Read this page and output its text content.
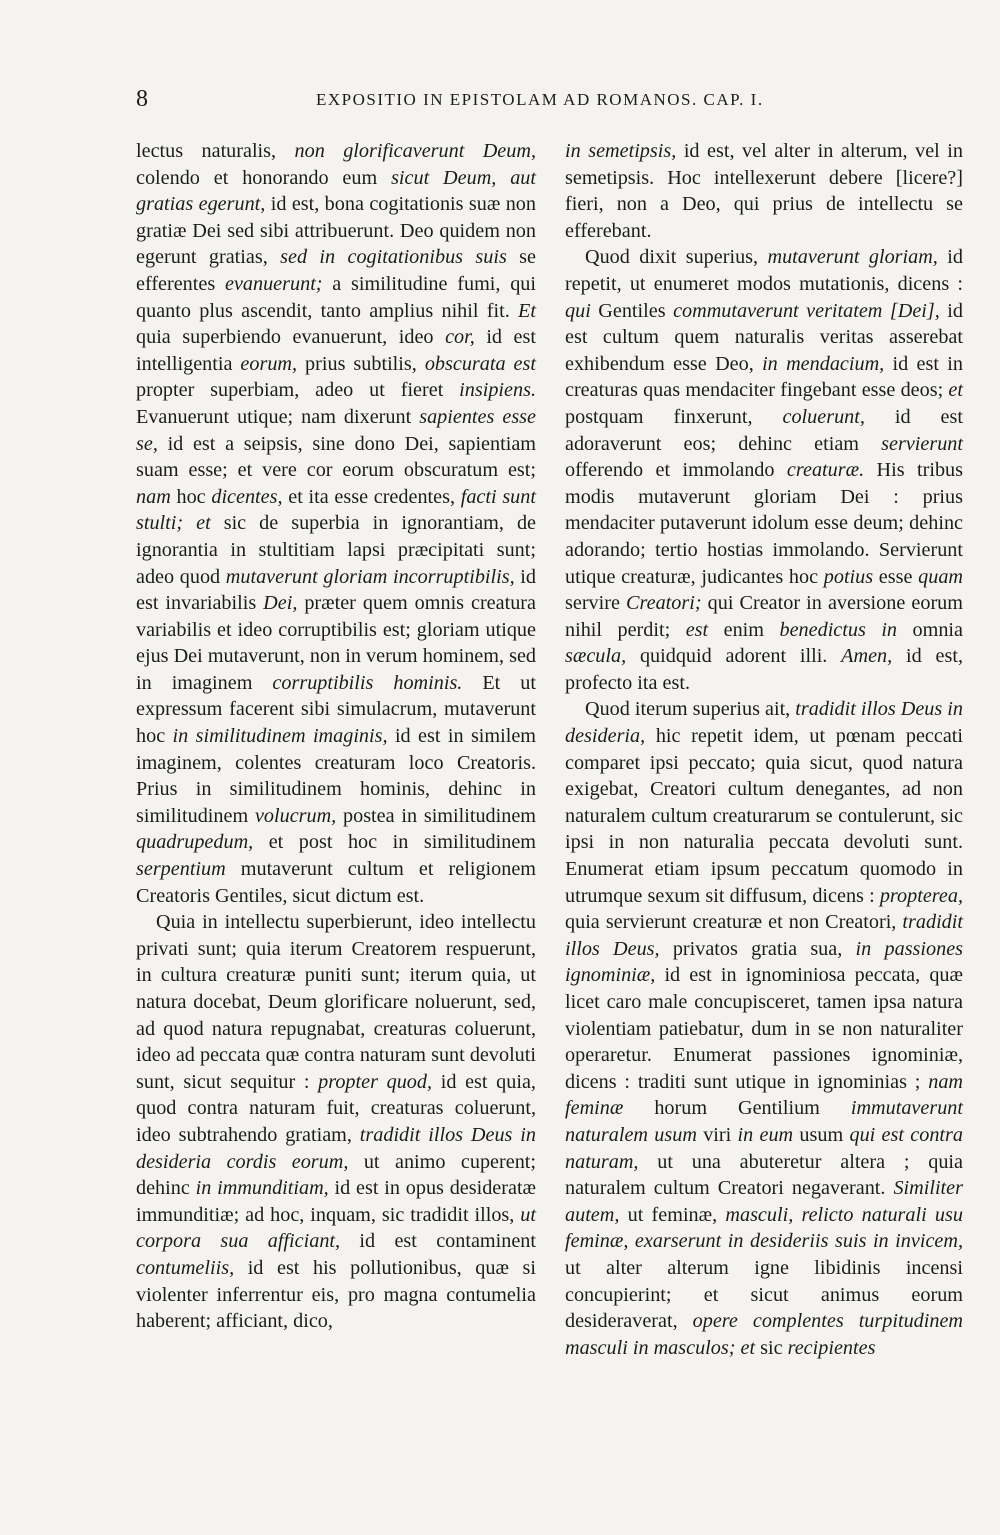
8	EXPOSITIO IN EPISTOLAM AD ROMANOS. CAP. I.

lectus naturalis, non glorificaverunt Deum, colendo et honorando eum sicut Deum, aut gratias egerunt, id est, bona cogitationis suæ non gratiæ Dei sed sibi attribuerunt. Deo quidem non egerunt gratias, sed in cogitationibus suis se efferentes evanuerunt; a similitudine fumi, qui quanto plus ascendit, tanto amplius nihil fit. Et quia superbiendo evanuerunt, ideo cor, id est intelligentia eorum, prius subtilis, obscurata est propter superbiam, adeo ut fieret insipiens. Evanuerunt utique; nam dixerunt sapientes esse se, id est a seipsis, sine dono Dei, sapientiam suam esse; et vere cor eorum obscuratum est; nam hoc dicentes, et ita esse credentes, facti sunt stulti; et sic de superbia in ignorantiam, de ignorantia in stultitiam lapsi præcipitati sunt; adeo quod mutaverunt gloriam incorruptibilis, id est invariabilis Dei, præter quem omnis creatura variabilis et ideo corruptibilis est; gloriam utique ejus Dei mutaverunt, non in verum hominem, sed in imaginem corruptibilis hominis. Et ut expressum facerent sibi simulacrum, mutaverunt hoc in similitudinem imaginis, id est in similem imaginem, colentes creaturam loco Creatoris. Prius in similitudinem hominis, dehinc in similitudinem volucrum, postea in similitudinem quadrupedum, et post hoc in similitudinem serpentium mutaverunt cultum et religionem Creatoris Gentiles, sicut dictum est.

Quia in intellectu superbierunt, ideo intellectu privati sunt; quia iterum Creatorem respuerunt, in cultura creaturæ puniti sunt; iterum quia, ut natura docebat, Deum glorificare noluerunt, sed, ad quod natura repugnabat, creaturas coluerunt, ideo ad peccata quæ contra naturam sunt devoluti sunt, sicut sequitur : propter quod, id est quia, quod contra naturam fuit, creaturas coluerunt, ideo subtrahendo gratiam, tradidit illos Deus in desideria cordis eorum, ut animo cuperent; dehinc in immunditiam, id est in opus desideratæ immunditiæ; ad hoc, inquam, sic tradidit illos, ut corpora sua afficiant, id est contaminent contumeliis, id est his pollutionibus, quæ si violenter inferrentur eis, pro magna contumelia haberent; afficiant, dico,

in semetipsis, id est, vel alter in alterum, vel in semetipsis. Hoc intellexerunt debere [licere?] fieri, non a Deo, qui prius de intellectu se efferebant.

Quod dixit superius, mutaverunt gloriam, id repetit, ut enumeret modos mutationis, dicens : qui Gentiles commutaverunt veritatem [Dei], id est cultum quem naturalis veritas asserebat exhibendum esse Deo, in mendacium, id est in creaturas quas mendaciter fingebant esse deos; et postquam finxerunt, coluerunt, id est adoraverunt eos; dehinc etiam servierunt offerendo et immolando creaturæ. His tribus modis mutaverunt gloriam Dei : prius mendaciter putaverunt idolum esse deum; dehinc adorando; tertio hostias immolando. Servierunt utique creaturæ, judicantes hoc potius esse quam servire Creatori; qui Creator in aversione eorum nihil perdit; est enim benedictus in omnia sæcula, quidquid adorent illi. Amen, id est, profecto ita est.

Quod iterum superius ait, tradidit illos Deus in desideria, hic repetit idem, ut pœnam peccati comparet ipsi peccato; quia sicut, quod natura exigebat, Creatori cultum denegantes, ad non naturalem cultum creaturarum se contulerunt, sic ipsi in non naturalia peccata devoluti sunt. Enumerat etiam ipsum peccatum quomodo in utrumque sexum sit diffusum, dicens : propterea, quia servierunt creaturæ et non Creatori, tradidit illos Deus, privatos gratia sua, in passiones ignominiæ, id est in ignominiosa peccata, quæ licet caro male concupisceret, tamen ipsa natura violentiam patiebatur, dum in se non naturaliter operaretur. Enumerat passiones ignominiæ, dicens : traditi sunt utique in ignominias ; nam feminæ horum Gentilium immutaverunt naturalem usum viri in eum usum qui est contra naturam, ut una abuteretur altera ; quia naturalem cultum Creatori negaverant. Similiter autem, ut feminæ, masculi, relicto naturali usu feminæ, exarserunt in desideriis suis in invicem, ut alter alterum igne libidinis incensi concupierint; et sicut animus eorum desideraverat, opere complentes turpitudinem masculi in masculos; et sic recipientes
